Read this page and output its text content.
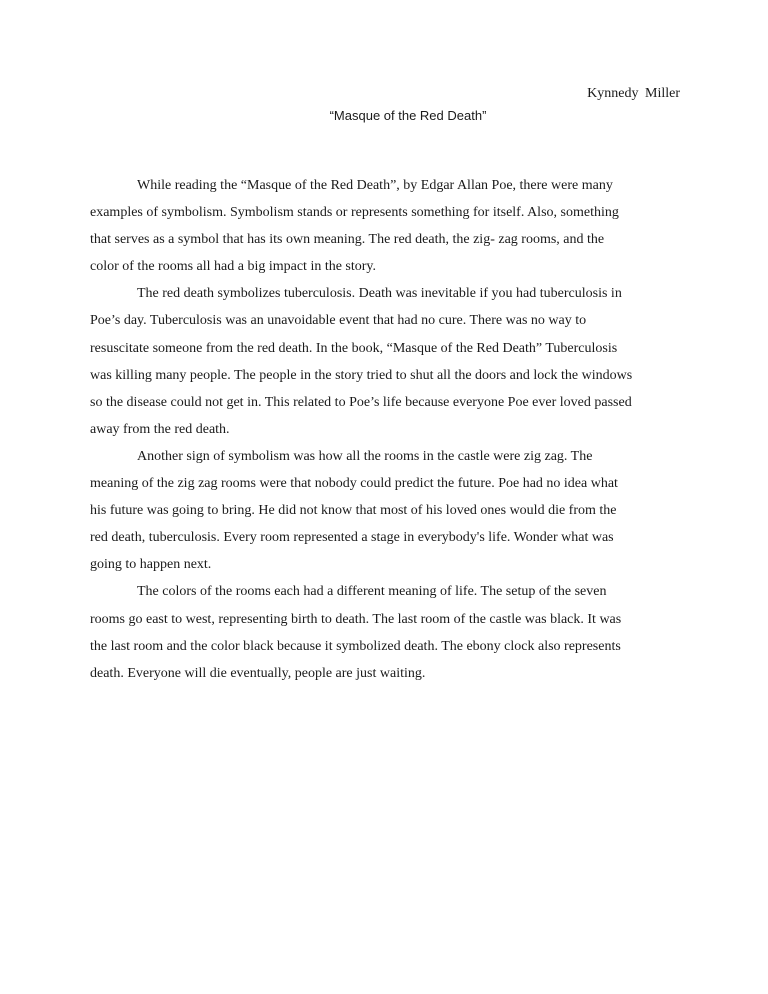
Kynnedy Miller
“Masque of the Red Death”
While reading the “Masque of the Red Death”, by Edgar Allan Poe, there were many
examples of symbolism. Symbolism stands or represents something for itself. Also, something
that serves as a symbol that has its own meaning. The red death, the zig- zag rooms, and the
color of the rooms all had a big impact in the story.
The red death symbolizes tuberculosis. Death was inevitable if you had tuberculosis in
Poe’s day. Tuberculosis was an unavoidable event that had no cure. There was no way to
resuscitate someone from the red death. In the book, “Masque of the Red Death” Tuberculosis
was killing many people. The people in the story tried to shut all the doors and lock the windows
so the disease could not get in. This related to Poe’s life because everyone Poe ever loved passed
away from the red death.
Another sign of symbolism was how all the rooms in the castle were zig zag. The
meaning of the zig zag rooms were that nobody could predict the future. Poe had no idea what
his future was going to bring. He did not know that most of his loved ones would die from the
red death, tuberculosis. Every room represented a stage in everybody's life. Wonder what was
going to happen next.
The colors of the rooms each had a different meaning of life. The setup of the seven
rooms go east to west, representing birth to death. The last room of the castle was black. It was
the last room and the color black because it symbolized death. The ebony clock also represents
death. Everyone will die eventually, people are just waiting.
